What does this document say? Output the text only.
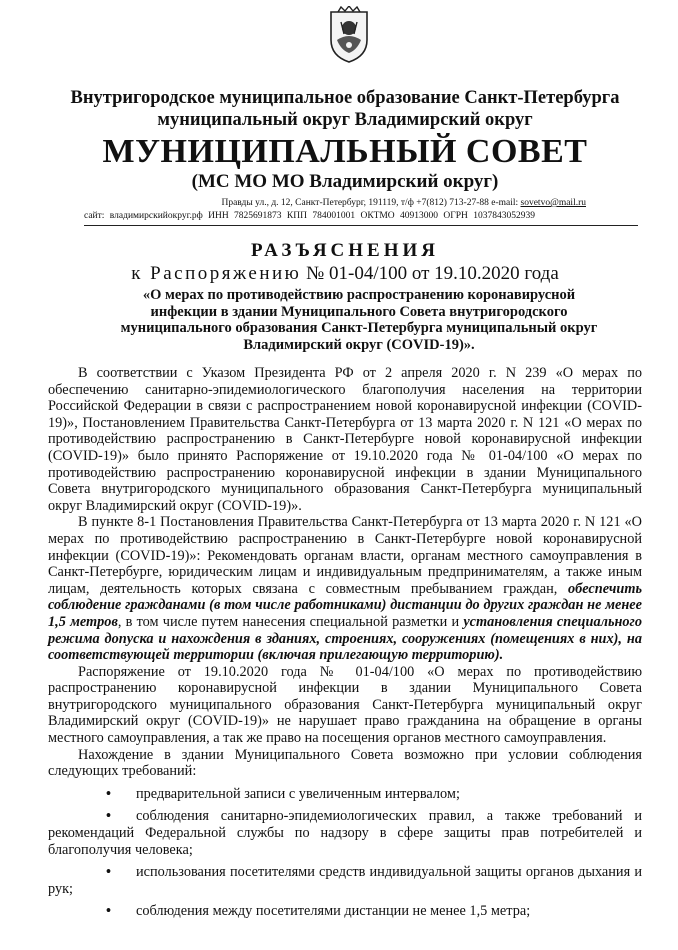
Внутригородское муниципальное образование Санкт-Петербурга
муниципальный округ Владимирский округ
МУНИЦИПАЛЬНЫЙ СОВЕТ
(МС МО МО Владимирский округ)
Правды ул., д. 12, Санкт-Петербург, 191119, т/ф +7(812) 713-27-88 e-mail: sovetvo@mail.ru
сайт: владимирскийокруг.рф ИНН 7825691873 КПП 784001001 ОКТМО 40913000 ОГРН 1037843052939
РАЗЪЯСНЕНИЯ
к Распоряжению № 01-04/100 от 19.10.2020 года
«О мерах по противодействию распространению коронавирусной инфекции в здании Муниципального Совета внутригородского муниципального образования Санкт-Петербурга муниципальный округ Владимирский округ (COVID-19)».

В соответствии с Указом Президента РФ от 2 апреля 2020 г. N 239 «О мерах по обеспечению санитарно-эпидемиологического благополучия населения на территории Российской Федерации в связи с распространением новой коронавирусной инфекции (COVID-19)», Постановлением Правительства Санкт-Петербурга от 13 марта 2020 г. N 121 «О мерах по противодействию распространению в Санкт-Петербурге новой коронавирусной инфекции (COVID-19)» было принято Распоряжение от 19.10.2020 года № 01-04/100 «О мерах по противодействию распространению коронавирусной инфекции в здании Муниципального Совета внутригородского муниципального образования Санкт-Петербурга муниципальный округ Владимирский округ (COVID-19)».

В пункте 8-1 Постановления Правительства Санкт-Петербурга от 13 марта 2020 г. N 121 «О мерах по противодействию распространению в Санкт-Петербурге новой коронавирусной инфекции (COVID-19)»: Рекомендовать органам власти, органам местного самоуправления в Санкт-Петербурге, юридическим лицам и индивидуальным предпринимателям, а также иным лицам, деятельность которых связана с совместным пребыванием граждан, обеспечить соблюдение гражданами (в том числе работниками) дистанции до других граждан не менее 1,5 метров, в том числе путем нанесения специальной разметки и установления специального режима допуска и нахождения в зданиях, строениях, сооружениях (помещениях в них), на соответствующей территории (включая прилегающую территорию).

Распоряжение от 19.10.2020 года № 01-04/100 «О мерах по противодействию распространению коронавирусной инфекции в здании Муниципального Совета внутригородского муниципального образования Санкт-Петербурга муниципальный округ Владимирский округ (COVID-19)» не нарушает право гражданина на обращение в органы местного самоуправления, а так же право на посещения органов местного самоуправления.

Нахождение в здании Муниципального Совета возможно при условии соблюдения следующих требований:

• предварительной записи с увеличенным интервалом;
• соблюдения санитарно-эпидемиологических правил, а также требований и рекомендаций Федеральной службы по надзору в сфере защиты прав потребителей и благополучия человека;
• использования посетителями средств индивидуальной защиты органов дыхания и рук;
• соблюдения между посетителями дистанции не менее 1,5 метра;
